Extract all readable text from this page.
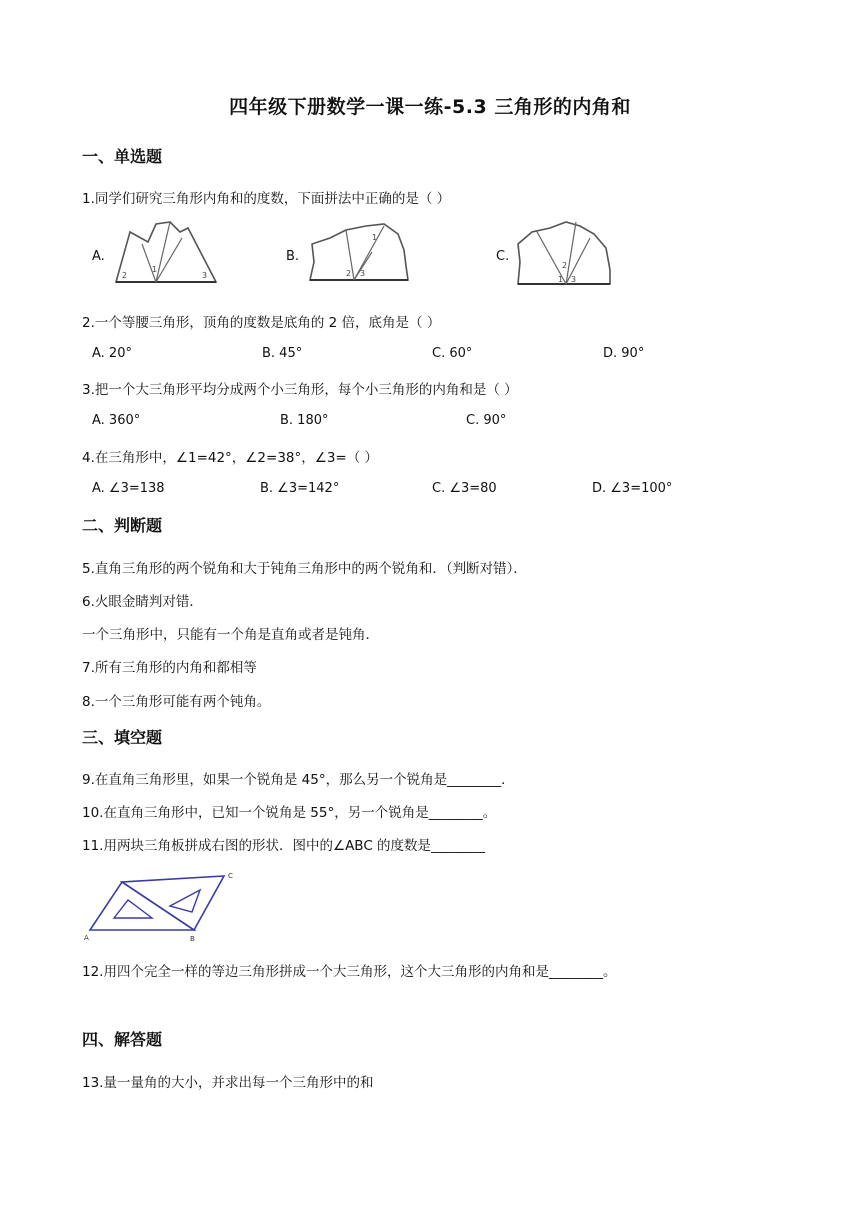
四年级下册数学一课一练-5.3 三角形的内角和
一、单选题
1.同学们研究三角形内角和的度数，下面拼法中正确的是（ ）
A.
2
1
3
B.
1
2 3
C.
2
1 3
2.一个等腰三角形，顶角的度数是底角的 2 倍，底角是（ ）
A. 20°	B. 45°	C. 60°	D. 90°
3.把一个大三角形平均分成两个小三角形，每个小三角形的内角和是（ ）
A. 360°	B. 180°	C. 90°
4.在三角形中，∠1=42°，∠2=38°，∠3=（ ）
A. ∠3=138	B. ∠3=142°	C. ∠3=80	D. ∠3=100°
二、判断题
5.直角三角形的两个锐角和大于钝角三角形中的两个锐角和．（判断对错）．
6.火眼金睛判对错．
一个三角形中，只能有一个角是直角或者是钝角．
7.所有三角形的内角和都相等
8.一个三角形可能有两个钝角。
三、填空题
9.在直角三角形里，如果一个锐角是 45°，那么另一个锐角是________．
10.在直角三角形中，已知一个锐角是 55°，另一个锐角是________。
11.用两块三角板拼成右图的形状．图中的∠ABC 的度数是________
A	B
C
12.用四个完全一样的等边三角形拼成一个大三角形，这个大三角形的内角和是________。
四、解答题
13.量一量角的大小，并求出每一个三角形中的和
